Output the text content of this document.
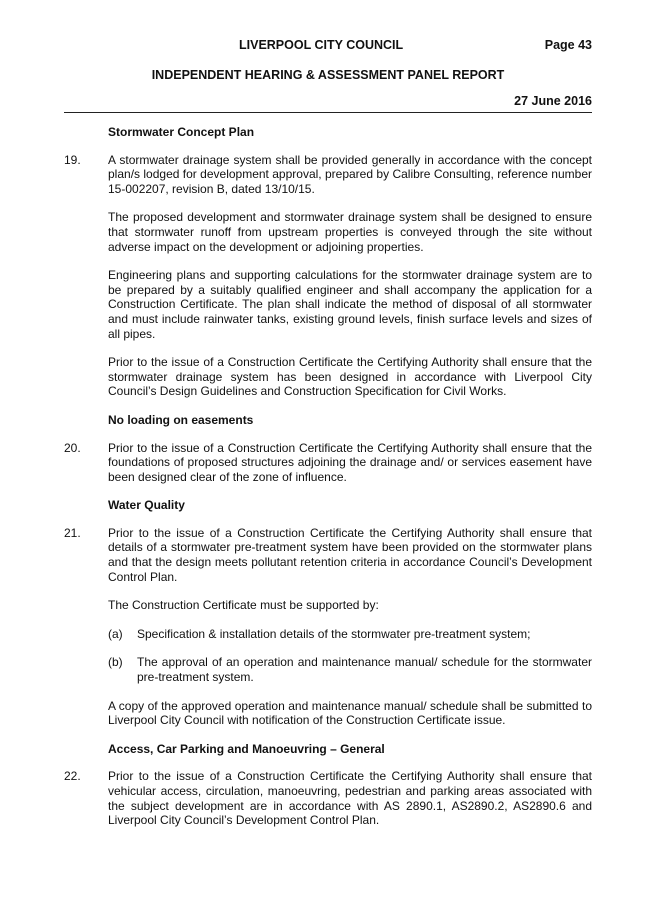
LIVERPOOL CITY COUNCIL	Page 43
INDEPENDENT HEARING & ASSESSMENT PANEL REPORT
27 June 2016
Stormwater Concept Plan
19.	A stormwater drainage system shall be provided generally in accordance with the concept plan/s lodged for development approval, prepared by Calibre Consulting, reference number 15-002207, revision B, dated 13/10/15.

The proposed development and stormwater drainage system shall be designed to ensure that stormwater runoff from upstream properties is conveyed through the site without adverse impact on the development or adjoining properties.

Engineering plans and supporting calculations for the stormwater drainage system are to be prepared by a suitably qualified engineer and shall accompany the application for a Construction Certificate. The plan shall indicate the method of disposal of all stormwater and must include rainwater tanks, existing ground levels, finish surface levels and sizes of all pipes.

Prior to the issue of a Construction Certificate the Certifying Authority shall ensure that the stormwater drainage system has been designed in accordance with Liverpool City Council’s Design Guidelines and Construction Specification for Civil Works.

No loading on easements
20.	Prior to the issue of a Construction Certificate the Certifying Authority shall ensure that the foundations of proposed structures adjoining the drainage and/ or services easement have been designed clear of the zone of influence.
Water Quality
21.	Prior to the issue of a Construction Certificate the Certifying Authority shall ensure that details of a stormwater pre-treatment system have been provided on the stormwater plans and that the design meets pollutant retention criteria in accordance Council’s Development Control Plan.

The Construction Certificate must be supported by:

(a)	Specification & installation details of the stormwater pre-treatment system;
(b)	The approval of an operation and maintenance manual/ schedule for the stormwater pre-treatment system.

A copy of the approved operation and maintenance manual/ schedule shall be submitted to Liverpool City Council with notification of the Construction Certificate issue.

Access, Car Parking and Manoeuvring – General
22.	Prior to the issue of a Construction Certificate the Certifying Authority shall ensure that vehicular access, circulation, manoeuvring, pedestrian and parking areas associated with the subject development are in accordance with AS 2890.1, AS2890.2, AS2890.6 and Liverpool City Council’s Development Control Plan.
